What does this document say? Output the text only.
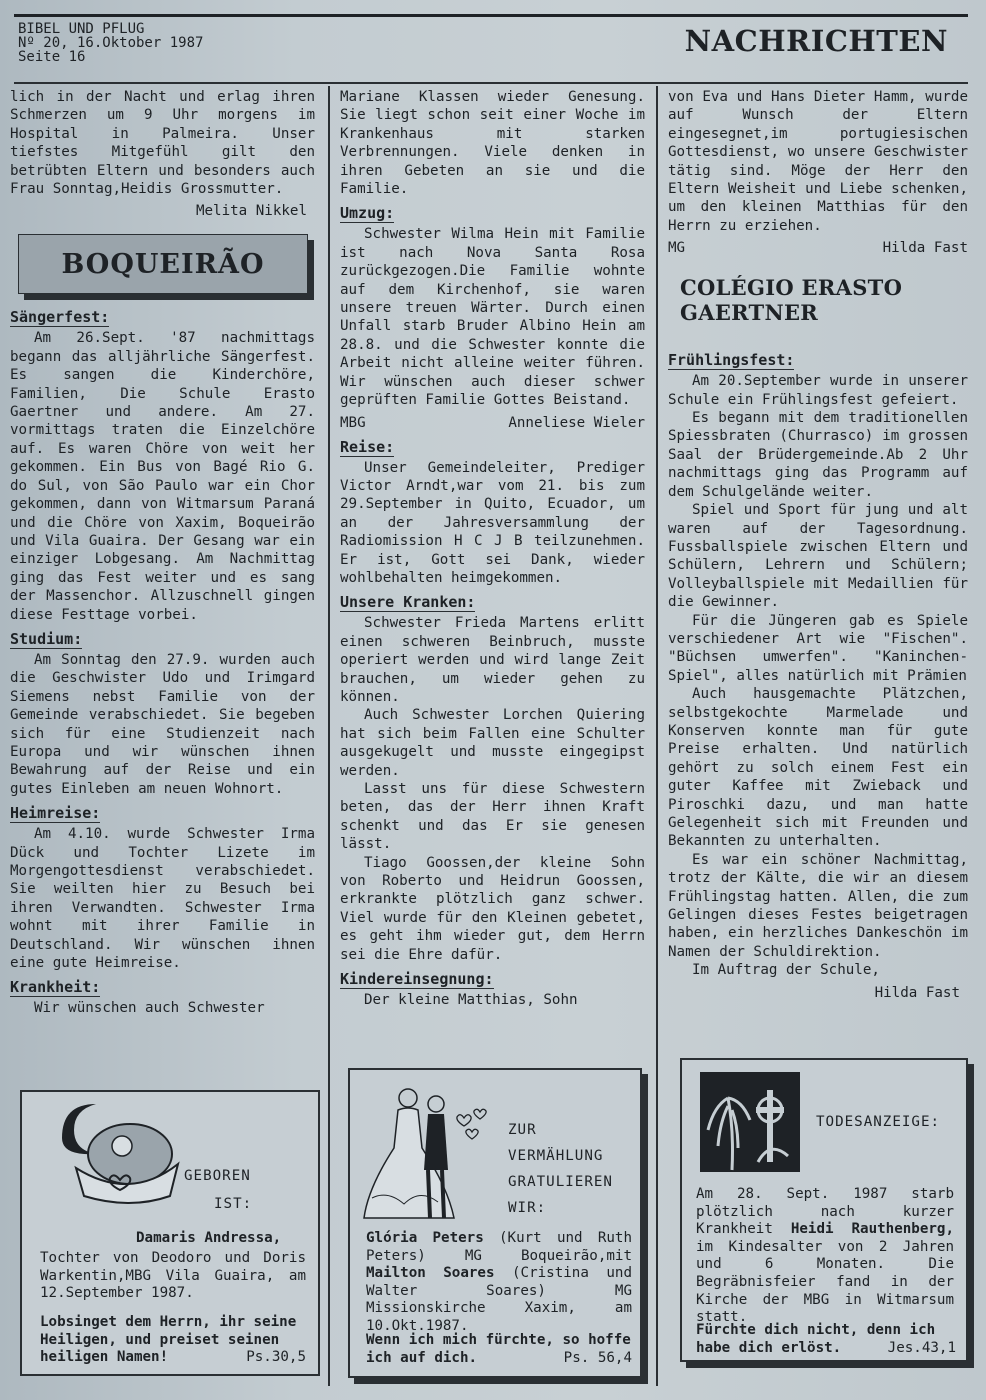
BIBEL UND PFLUG
Nº 20, 16.Oktober 1987
Seite 16	NACHRICHTEN

lich in der Nacht und erlag ihren Schmerzen um 9 Uhr morgens im Hospital in Palmeira. Unser tiefstes Mitgefühl gilt den betrübten Eltern und besonders auch Frau Sonntag,Heidis Grossmutter.

Melita Nikkel
BOQUEIRÃO
Sängerfest:

Am 26.Sept. '87 nachmittags begann das alljährliche Sängerfest. Es sangen die Kinderchöre, Familien, Die Schule Erasto Gaertner und andere. Am 27. vormittags traten die Einzelchöre auf. Es waren Chöre von weit her gekommen. Ein Bus von Bagé Rio G. do Sul, von São Paulo war ein Chor gekommen, dann von Witmarsum Paraná und die Chöre von Xaxim, Boqueirão und Vila Guaira. Der Gesang war ein einziger Lobgesang. Am Nachmittag ging das Fest weiter und es sang der Massenchor. Allzuschnell gingen diese Festtage vorbei.

Studium:

Am Sonntag den 27.9. wurden auch die Geschwister Udo und Irimgard Siemens nebst Familie von der Gemeinde verabschiedet. Sie begeben sich für eine Studienzeit nach Europa und wir wünschen ihnen Bewahrung auf der Reise und ein gutes Einleben am neuen Wohnort.

Heimreise:

Am 4.10. wurde Schwester Irma Dück und Tochter Lizete im Morgengottesdienst verabschiedet. Sie weilten hier zu Besuch bei ihren Verwandten. Schwester Irma wohnt mit ihrer Familie in Deutschland. Wir wünschen ihnen eine gute Heimreise.

Krankheit:

Wir wünschen auch Schwester

Mariane Klassen wieder Genesung. Sie liegt schon seit einer Woche im Krankenhaus mit starken Verbrennungen. Viele denken in ihren Gebeten an sie und die Familie.

Umzug:

Schwester Wilma Hein mit Familie ist nach Nova Santa Rosa zurückgezogen.Die Familie wohnte auf dem Kirchenhof, sie waren unsere treuen Wärter. Durch einen Unfall starb Bruder Albino Hein am 28.8. und die Schwester konnte die Arbeit nicht alleine weiter führen. Wir wünschen auch dieser schwer geprüften Familie Gottes Beistand.

MBG	Anneliese Wieler
Reise:

Unser Gemeindeleiter, Prediger Victor Arndt,war vom 21. bis zum 29.September in Quito, Ecuador, um an der Jahresversammlung der Radiomission H C J B teilzunehmen. Er ist, Gott sei Dank, wieder wohlbehalten heimgekommen.

Unsere Kranken:

Schwester Frieda Martens erlitt einen schweren Beinbruch, musste operiert werden und wird lange Zeit brauchen, um wieder gehen zu können.

Auch Schwester Lorchen Quiering hat sich beim Fallen eine Schulter ausgekugelt und musste eingegipst werden.

Lasst uns für diese Schwestern beten, das der Herr ihnen Kraft schenkt und das Er sie genesen lässt.

Tiago Goossen,der kleine Sohn von Roberto und Heidrun Goossen, erkrankte plötzlich ganz schwer. Viel wurde für den Kleinen gebetet, es geht ihm wieder gut, dem Herrn sei die Ehre dafür.

Kindereinsegnung:

Der kleine Matthias, Sohn

von Eva und Hans Dieter Hamm, wurde auf Wunsch der Eltern eingesegnet,im portugiesischen Gottesdienst, wo unsere Geschwister tätig sind. Möge der Herr den Eltern Weisheit und Liebe schenken, um den kleinen Matthias für den Herrn zu erziehen.

MG	Hilda Fast
COLÉGIO ERASTO GAERTNER
Frühlingsfest:

Am 20.September wurde in unserer Schule ein Frühlingsfest gefeiert.

Es begann mit dem traditionellen Spiessbraten (Churrasco) im grossen Saal der Brüdergemeinde.Ab 2 Uhr nachmittags ging das Programm auf dem Schulgelände weiter.

Spiel und Sport für jung und alt waren auf der Tagesordnung. Fussballspiele zwischen Eltern und Schülern, Lehrern und Schülern; Volleyballspiele mit Medaillien für die Gewinner.

Für die Jüngeren gab es Spiele verschiedener Art wie "Fischen". "Büchsen umwerfen". "Kaninchen-Spiel", alles natürlich mit Prämien

Auch hausgemachte Plätzchen, selbstgekochte Marmelade und Konserven konnte man für gute Preise erhalten. Und natürlich gehört zu solch einem Fest ein guter Kaffee mit Zwieback und Piroschki dazu, und man hatte Gelegenheit sich mit Freunden und Bekannten zu unterhalten.

Es war ein schöner Nachmittag, trotz der Kälte, die wir an diesem Frühlingstag hatten. Allen, die zum Gelingen dieses Festes beigetragen haben, ein herzliches Dankeschön im Namen der Schuldirektion.

Im Auftrag der Schule,

Hilda Fast
GEBOREN
IST:
Damaris Andressa,
Tochter von Deodoro und Doris Warkentin,MBG Vila Guaira, am 12.September 1987.
Lobsinget dem Herrn, ihr seine Heiligen, und preiset seinen heiligen Namen!	Ps.30,5
ZUR
VERMÄHLUNG
GRATULIEREN
WIR:
Glória Peters (Kurt und Ruth Peters) MG Boqueirão,mit Mailton Soares (Cristina und Walter Soares) MG Missionskirche Xaxim, am 10.Okt.1987.
Wenn ich mich fürchte, so hoffe ich auf dich.	Ps. 56,4
TODESANZEIGE:
Am 28. Sept. 1987 starb plötzlich nach kurzer Krankheit Heidi Rauthenberg, im Kindesalter von 2 Jahren und 6 Monaten. Die Begräbnisfeier fand in der Kirche der MBG in Witmarsum statt.
Fürchte dich nicht, denn ich habe dich erlöst.	Jes.43,1
